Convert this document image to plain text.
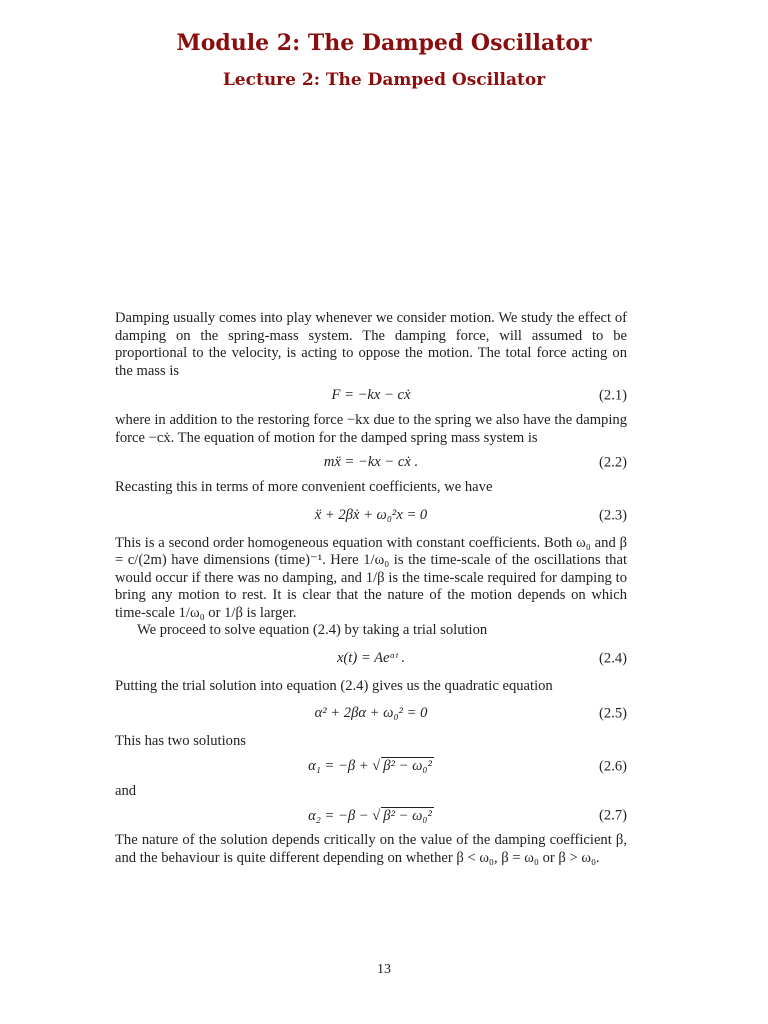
Module 2: The Damped Oscillator
Lecture 2: The Damped Oscillator

Damping usually comes into play whenever we consider motion. We study the effect of damping on the spring-mass system. The damping force, will assumed to be proportional to the velocity, is acting to oppose the motion. The total force acting on the mass is

F = −kx − cẋ	(2.1)

where in addition to the restoring force −kx due to the spring we also have the damping force −cẋ. The equation of motion for the damped spring mass system is

mẍ = −kx − cẋ .	(2.2)

Recasting this in terms of more convenient coefficients, we have

ẍ + 2βẋ + ω₀²x = 0	(2.3)

This is a second order homogeneous equation with constant coefficients. Both ω₀ and β = c/(2m) have dimensions (time)⁻¹. Here 1/ω₀ is the time-scale of the oscillations that would occur if there was no damping, and 1/β is the time-scale required for damping to bring any motion to rest. It is clear that the nature of the motion depends on which time-scale 1/ω₀ or 1/β is larger.

We proceed to solve equation (2.4) by taking a trial solution

x(t) = Aeᵅᵗ .	(2.4)

Putting the trial solution into equation (2.4) gives us the quadratic equation

α² + 2βα + ω₀² = 0	(2.5)

This has two solutions

α₁ = −β + √ β² − ω₀²	(2.6)

and

α₂ = −β − √ β² − ω₀²	(2.7)

The nature of the solution depends critically on the value of the damping coefficient β, and the behaviour is quite different depending on whether β < ω₀, β = ω₀ or β > ω₀.

13
